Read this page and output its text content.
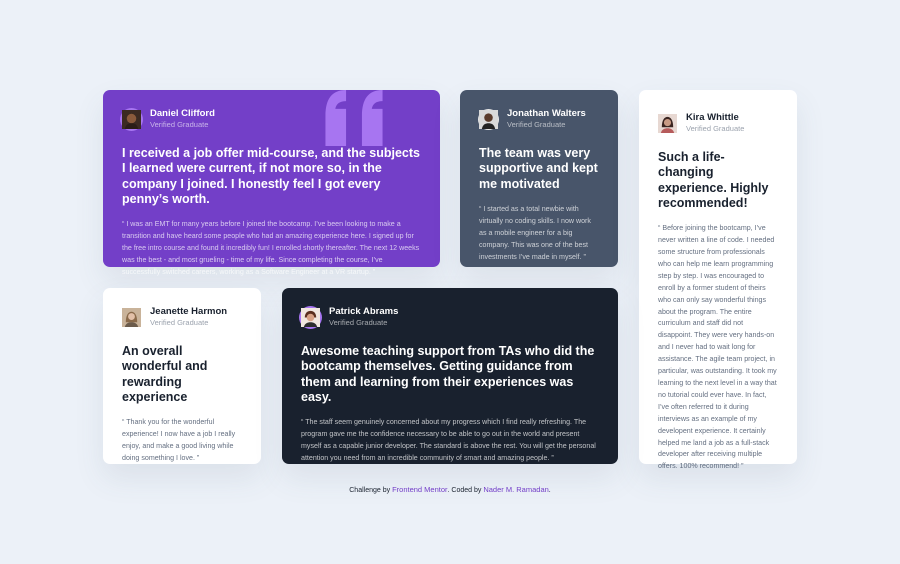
Daniel Clifford
Verified Graduate
I received a job offer mid-course, and the subjects I learned were current, if not more so, in the company I joined. I honestly feel I got every penny’s worth.
“ I was an EMT for many years before I joined the bootcamp. I’ve been looking to make a transition and have heard some people who had an amazing experience here. I signed up for the free intro course and found it incredibly fun! I enrolled shortly thereafter. The next 12 weeks was the best - and most grueling - time of my life. Since completing the course, I’ve successfully switched careers, working as a Software Engineer at a VR startup. ”
Jonathan Walters
Verified Graduate
The team was very supportive and kept me motivated
“ I started as a total newbie with virtually no coding skills. I now work as a mobile engineer for a big company. This was one of the best investments I’ve made in myself. ”
Kira Whittle
Verified Graduate
Such a life-changing experience. Highly recommended!
“ Before joining the bootcamp, I’ve never written a line of code. I needed some structure from professionals who can help me learn programming step by step. I was encouraged to enroll by a former student of theirs who can only say wonderful things about the program. The entire curriculum and staff did not disappoint. They were very hands-on and I never had to wait long for assistance. The agile team project, in particular, was outstanding. It took my learning to the next level in a way that no tutorial could ever have. In fact, I’ve often referred to it during interviews as an example of my developent experience. It certainly helped me land a job as a full-stack developer after receiving multiple offers. 100% recommend! ”
Jeanette Harmon
Verified Graduate
An overall wonderful and rewarding experience
“ Thank you for the wonderful experience! I now have a job I really enjoy, and make a good living while doing something I love. ”
Patrick Abrams
Verified Graduate
Awesome teaching support from TAs who did the bootcamp themselves. Getting guidance from them and learning from their experiences was easy.
“ The staff seem genuinely concerned about my progress which I find really refreshing. The program gave me the confidence necessary to be able to go out in the world and present myself as a capable junior developer. The standard is above the rest. You will get the personal attention you need from an incredible community of smart and amazing people. ”
Challenge by Frontend Mentor. Coded by Nader M. Ramadan.
